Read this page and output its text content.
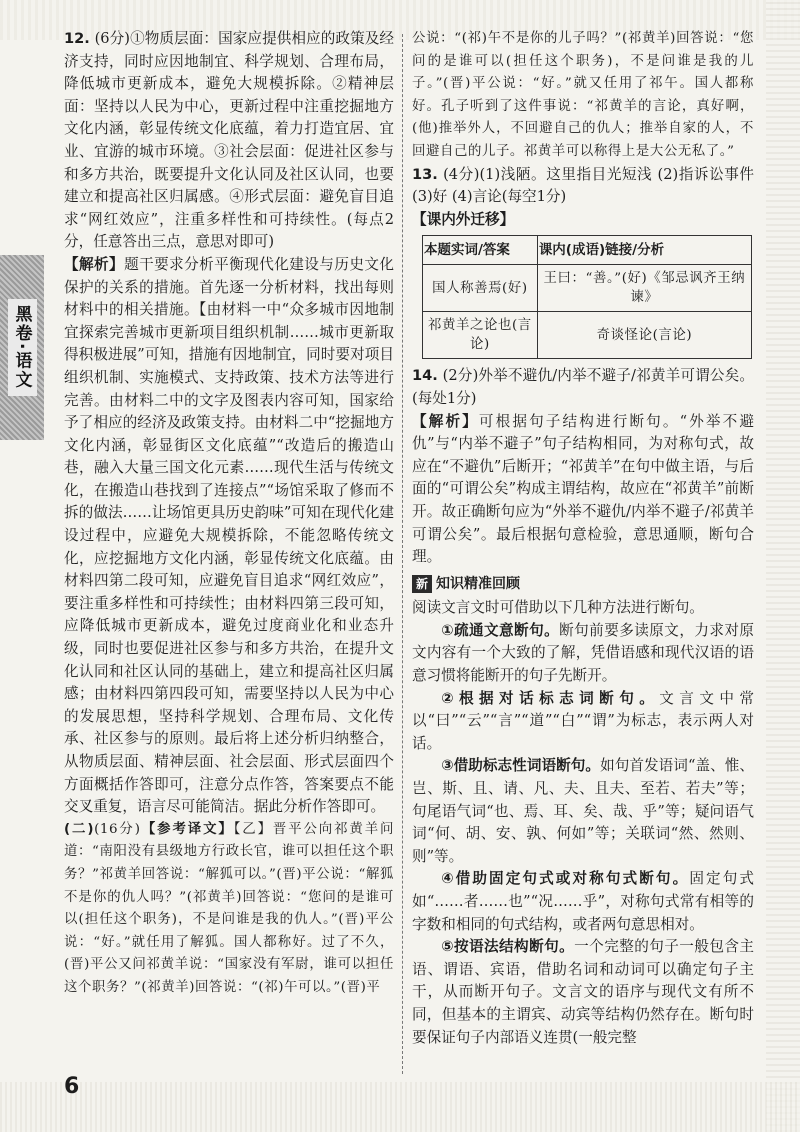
黑卷·语文

12. (6分)①物质层面：国家应提供相应的政策及经济支持，同时应因地制宜、科学规划、合理布局，降低城市更新成本，避免大规模拆除。②精神层面：坚持以人民为中心，更新过程中注重挖掘地方文化内涵，彰显传统文化底蕴，着力打造宜居、宜业、宜游的城市环境。③社会层面：促进社区参与和多方共治，既要提升文化认同及社区认同，也要建立和提高社区归属感。④形式层面：避免盲目追求“网红效应”，注重多样性和可持续性。(每点2分，任意答出三点，意思对即可)

【解析】题干要求分析平衡现代化建设与历史文化保护的关系的措施。首先逐一分析材料，找出每则材料中的相关措施。【由材料一中“众多城市因地制宜探索完善城市更新项目组织机制……城市更新取得积极进展”可知，措施有因地制宜，同时要对项目组织机制、实施模式、支持政策、技术方法等进行完善。由材料二中的文字及图表内容可知，国家给予了相应的经济及政策支持。由材料二中“挖掘地方文化内涵，彰显街区文化底蕴”“改造后的搬造山巷，融入大量三国文化元素……现代生活与传统文化，在搬造山巷找到了连接点”“场馆采取了修而不拆的做法……让场馆更具历史韵味”可知在现代化建设过程中，应避免大规模拆除，不能忽略传统文化，应挖掘地方文化内涵，彰显传统文化底蕴。由材料四第二段可知，应避免盲目追求“网红效应”，要注重多样性和可持续性；由材料四第三段可知，应降低城市更新成本，避免过度商业化和业态升级，同时也要促进社区参与和多方共治，在提升文化认同和社区认同的基础上，建立和提高社区归属感；由材料四第四段可知，需要坚持以人民为中心的发展思想，坚持科学规划、合理布局、文化传承、社区参与的原则。最后将上述分析归纳整合，从物质层面、精神层面、社会层面、形式层面四个方面概括作答即可，注意分点作答，答案要点不能交叉重复，语言尽可能简洁。据此分析作答即可。

(二)(16分)【参考译文】【乙】晋平公向祁黄羊问道：“南阳没有县级地方行政长官，谁可以担任这个职务？”祁黄羊回答说：“解狐可以。”(晋)平公说：“解狐不是你的仇人吗？”(祁黄羊)回答说：“您问的是谁可以(担任这个职务)，不是问谁是我的仇人。”(晋)平公说：“好。”就任用了解狐。国人都称好。过了不久，(晋)平公又问祁黄羊说：“国家没有军尉，谁可以担任这个职务？”(祁黄羊)回答说：“(祁)午可以。”(晋)平

公说：“(祁)午不是你的儿子吗？”(祁黄羊)回答说：“您问的是谁可以(担任这个职务)，不是问谁是我的儿子。”(晋)平公说：“好。”就又任用了祁午。国人都称好。孔子听到了这件事说：“祁黄羊的言论，真好啊，(他)推举外人，不回避自己的仇人；推举自家的人，不回避自己的儿子。祁黄羊可以称得上是大公无私了。”

13. (4分)(1)浅陋。这里指目光短浅 (2)指诉讼事件 (3)好 (4)言论(每空1分)

【课内外迁移】

本题实词/答案	课内(成语)链接/分析
国人称善焉(好)	王曰：“善。”(好)《邹忌讽齐王纳谏》
祁黄羊之论也(言论)	奇谈怪论(言论)

14. (2分)外举不避仇/内举不避子/祁黄羊可谓公矣。(每处1分)

【解析】可根据句子结构进行断句。“外举不避仇”与“内举不避子”句子结构相同，为对称句式，故应在“不避仇”后断开；“祁黄羊”在句中做主语，与后面的“可谓公矣”构成主谓结构，故应在“祁黄羊”前断开。故正确断句应为“外举不避仇/内举不避子/祁黄羊可谓公矣”。最后根据句意检验，意思通顺，断句合理。

新 知识精准回顾

阅读文言文时可借助以下几种方法进行断句。

①疏通文意断句。断句前要多读原文，力求对原文内容有一个大致的了解，凭借语感和现代汉语的语意习惯将能断开的句子先断开。

②根据对话标志词断句。文言文中常以“曰”“云”“言”“道”“白”“谓”为标志，表示两人对话。

③借助标志性词语断句。如句首发语词“盖、惟、岂、斯、且、请、凡、夫、且夫、至若、若夫”等；句尾语气词“也、焉、耳、矣、哉、乎”等；疑问语气词“何、胡、安、孰、何如”等；关联词“然、然则、则”等。

④借助固定句式或对称句式断句。固定句式如“……者……也”“况……乎”，对称句式常有相等的字数和相同的句式结构，或者两句意思相对。

⑤按语法结构断句。一个完整的句子一般包含主语、谓语、宾语，借助名词和动词可以确定句子主干，从而断开句子。文言文的语序与现代文有所不同，但基本的主谓宾、动宾等结构仍然存在。断句时要保证句子内部语义连贯(一般完整

6
